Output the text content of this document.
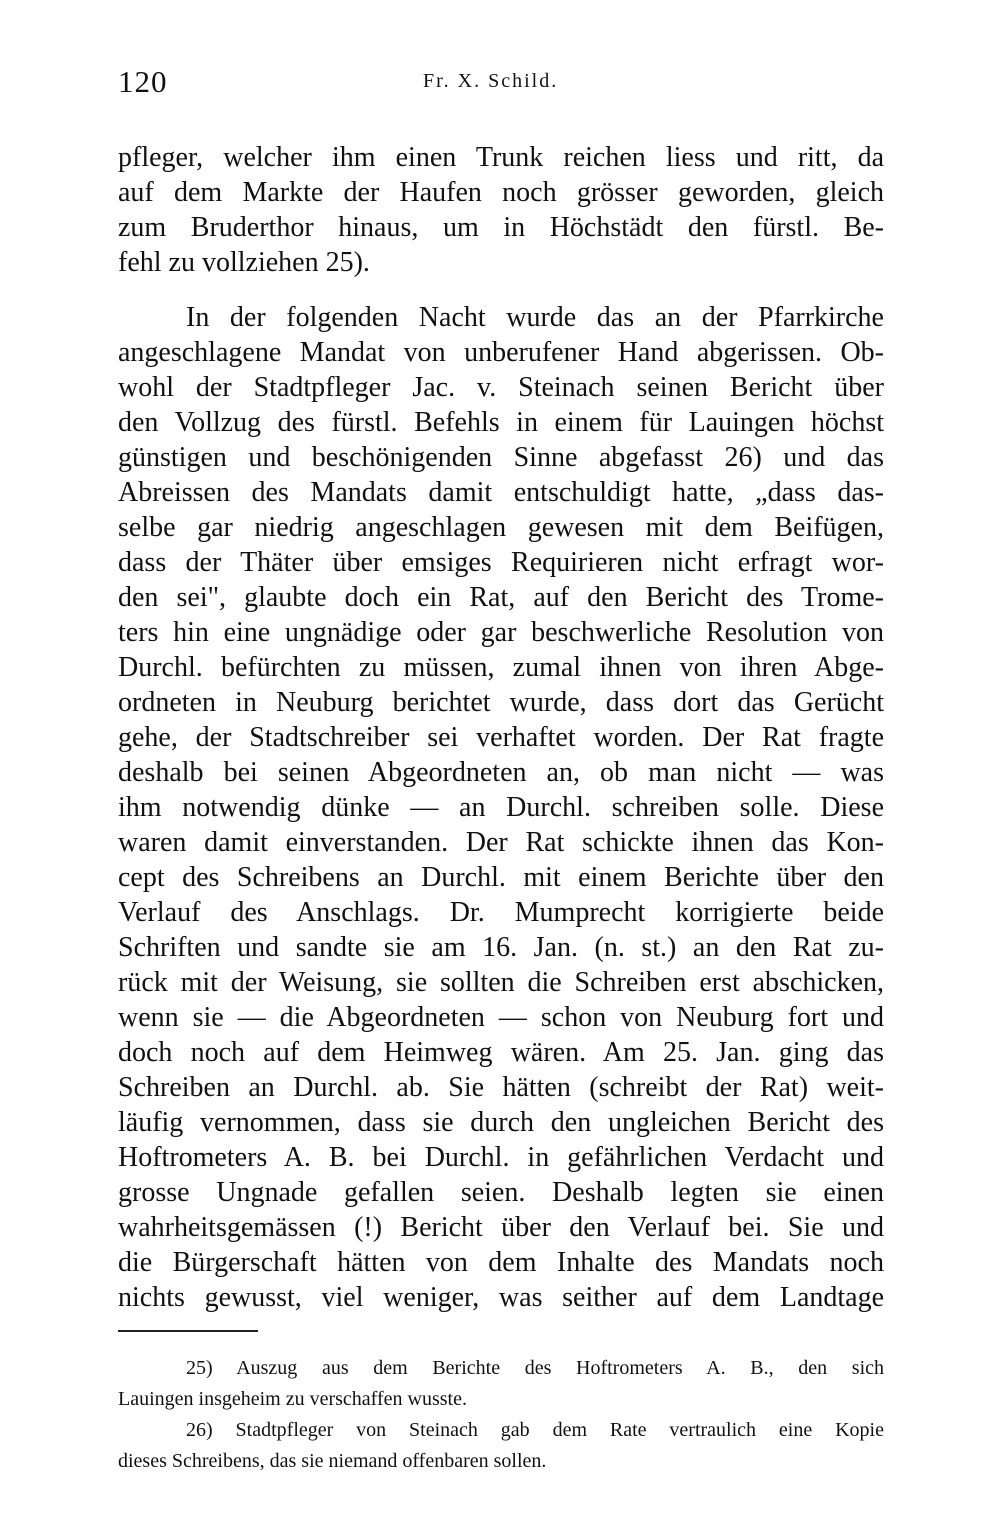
120	Fr. X. Schild.
pfleger, welcher ihm einen Trunk reichen liess und ritt, da
auf dem Markte der Haufen noch grösser geworden, gleich
zum Bruderthor hinaus, um in Höchstädt den fürstl. Be-
fehl zu vollziehen 25).
In der folgenden Nacht wurde das an der Pfarrkirche
angeschlagene Mandat von unberufener Hand abgerissen. Ob-
wohl der Stadtpfleger Jac. v. Steinach seinen Bericht über
den Vollzug des fürstl. Befehls in einem für Lauingen höchst
günstigen und beschönigenden Sinne abgefasst 26) und das
Abreissen des Mandats damit entschuldigt hatte, „dass das-
selbe gar niedrig angeschlagen gewesen mit dem Beifügen,
dass der Thäter über emsiges Requirieren nicht erfragt wor-
den sei", glaubte doch ein Rat, auf den Bericht des Trome-
ters hin eine ungnädige oder gar beschwerliche Resolution von
Durchl. befürchten zu müssen, zumal ihnen von ihren Abge-
ordneten in Neuburg berichtet wurde, dass dort das Gerücht
gehe, der Stadtschreiber sei verhaftet worden. Der Rat fragte
deshalb bei seinen Abgeordneten an, ob man nicht — was
ihm notwendig dünke — an Durchl. schreiben solle. Diese
waren damit einverstanden. Der Rat schickte ihnen das Kon-
cept des Schreibens an Durchl. mit einem Berichte über den
Verlauf des Anschlags. Dr. Mumprecht korrigierte beide
Schriften und sandte sie am 16. Jan. (n. st.) an den Rat zu-
rück mit der Weisung, sie sollten die Schreiben erst abschicken,
wenn sie — die Abgeordneten — schon von Neuburg fort und
doch noch auf dem Heimweg wären. Am 25. Jan. ging das
Schreiben an Durchl. ab. Sie hätten (schreibt der Rat) weit-
läufig vernommen, dass sie durch den ungleichen Bericht des
Hoftrometers A. B. bei Durchl. in gefährlichen Verdacht und
grosse Ungnade gefallen seien. Deshalb legten sie einen
wahrheitsgemässen (!) Bericht über den Verlauf bei. Sie und
die Bürgerschaft hätten von dem Inhalte des Mandats noch
nichts gewusst, viel weniger, was seither auf dem Landtage
25) Auszug aus dem Berichte des Hoftrometers A. B., den sich
Lauingen insgeheim zu verschaffen wusste.
26) Stadtpfleger von Steinach gab dem Rate vertraulich eine Kopie
dieses Schreibens, das sie niemand offenbaren sollen.
